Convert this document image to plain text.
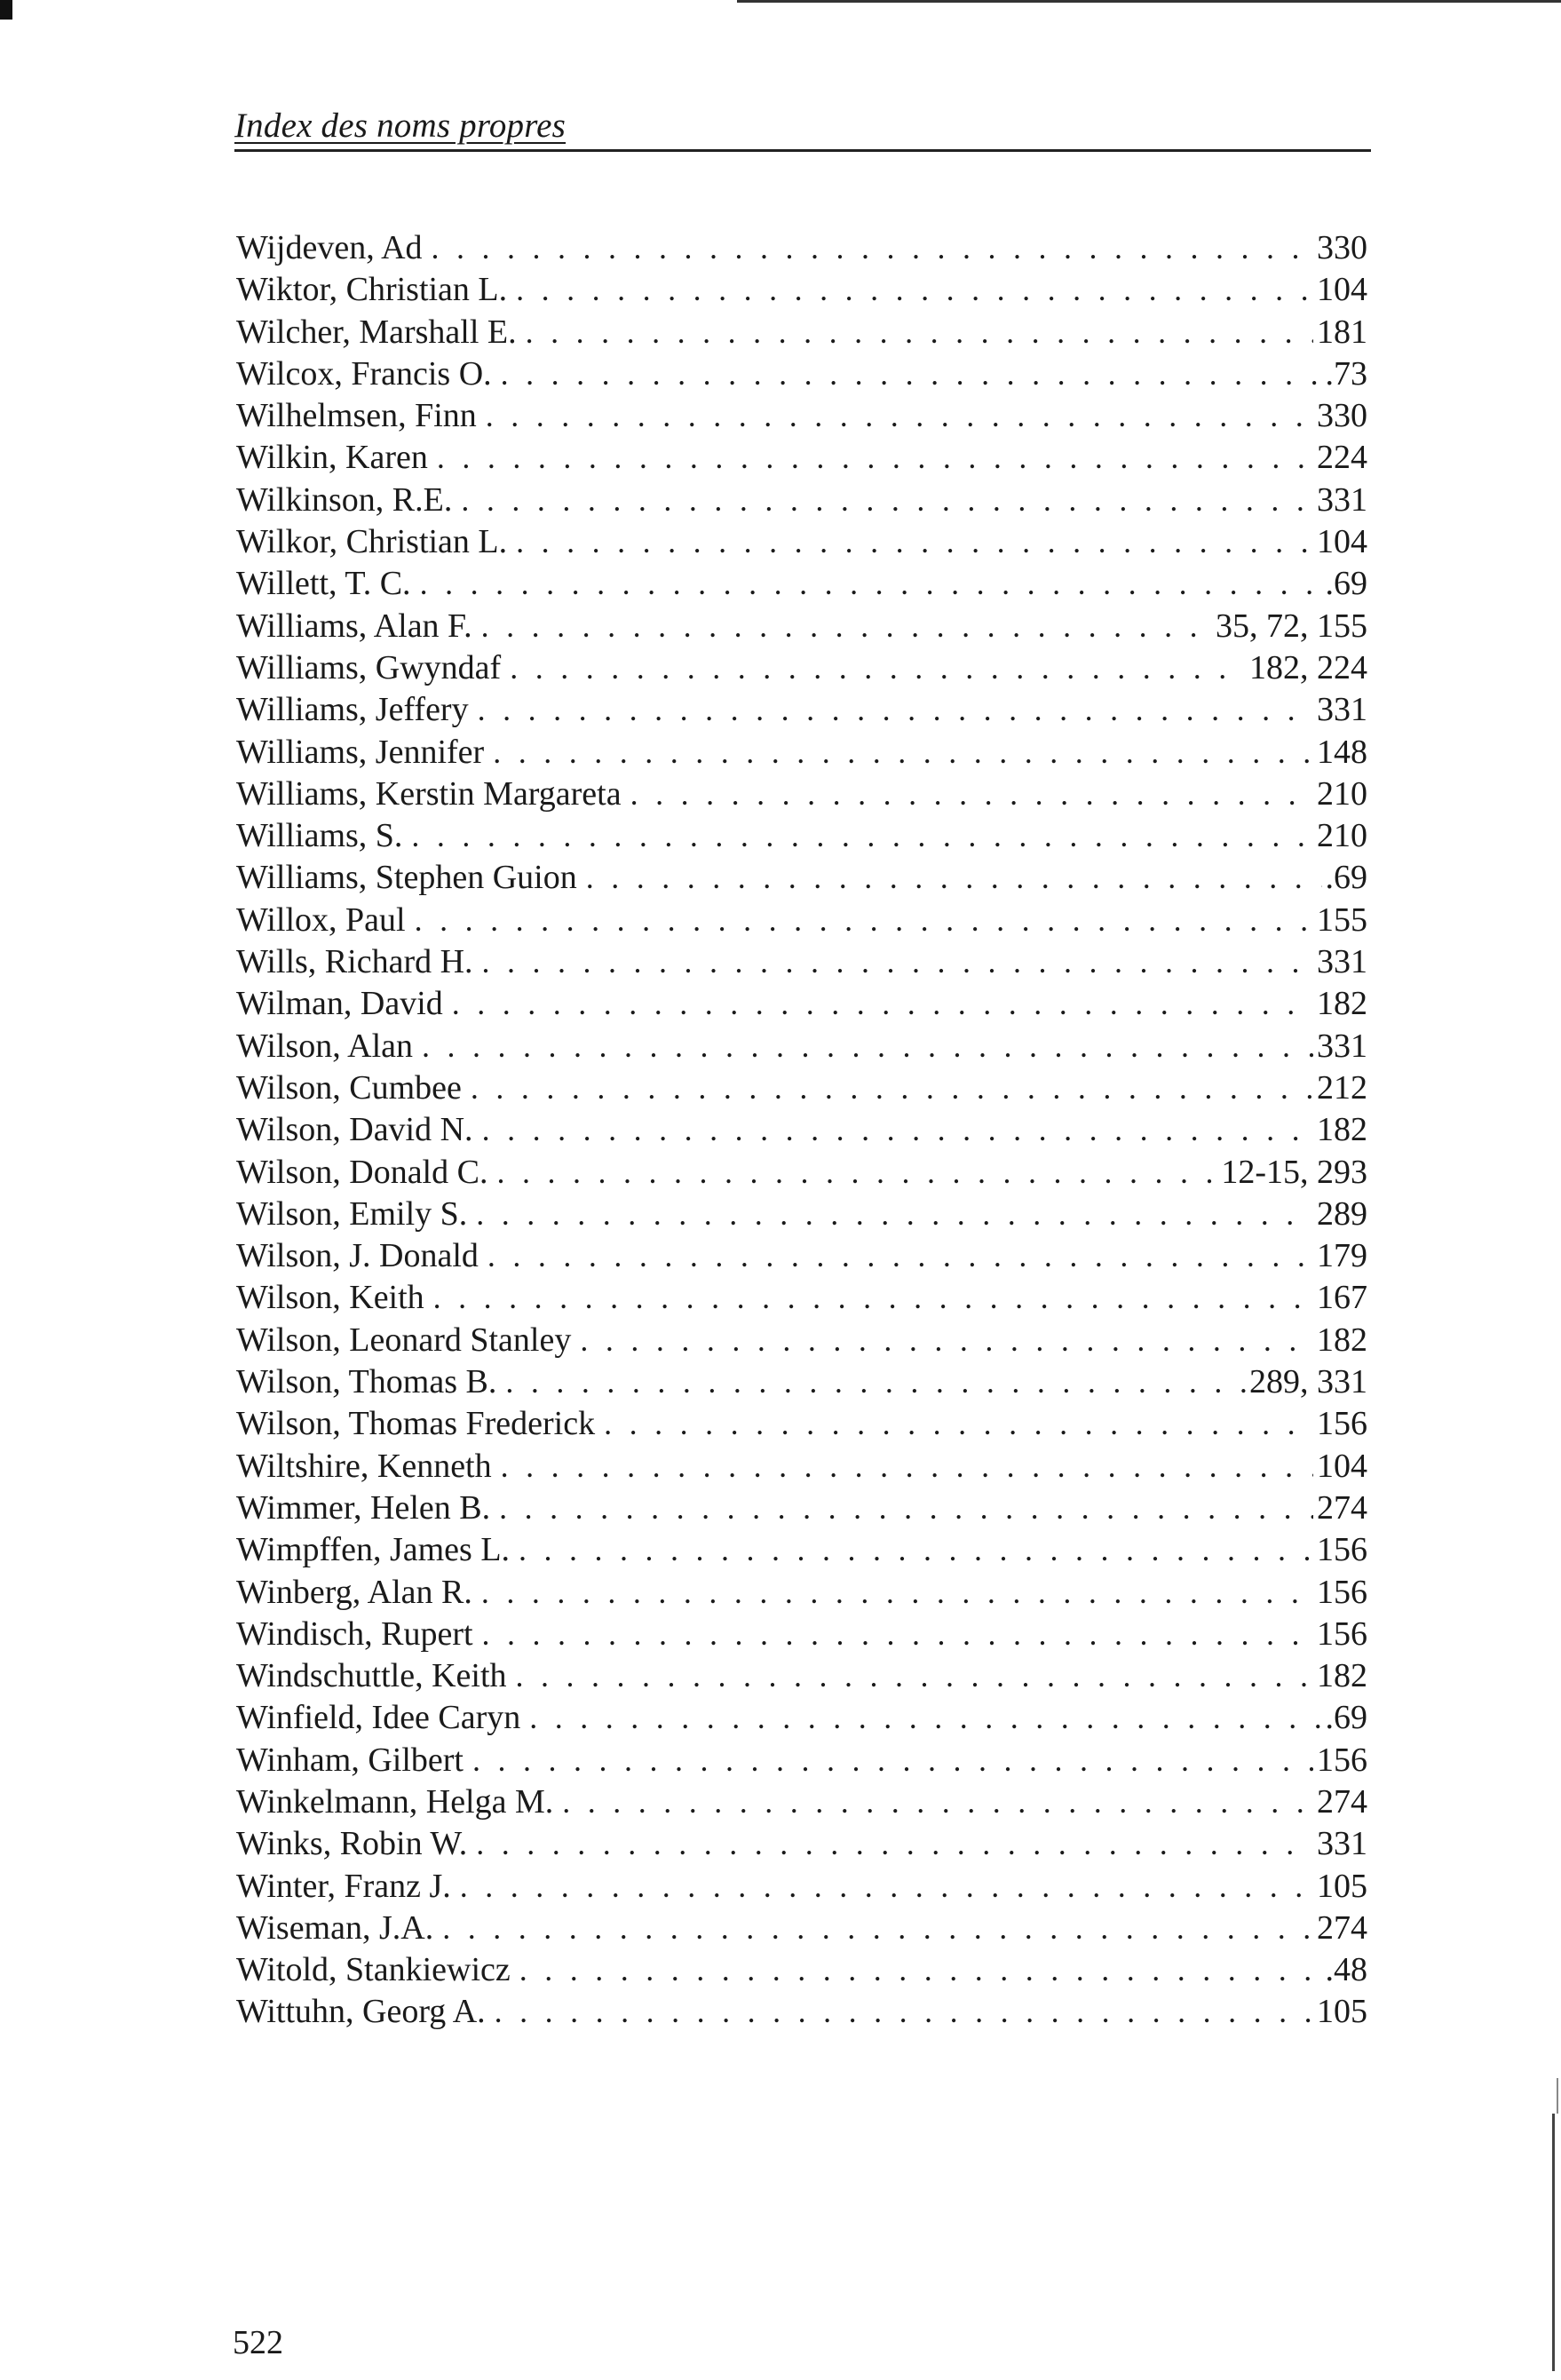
Index des noms propres
Wijdeven, Ad . . .	330
Wiktor, Christian L. . . .	104
Wilcher, Marshall E. . . .	181
Wilcox, Francis O. . . .	.73
Wilhelmsen, Finn . . .	330
Wilkin, Karen . . .	224
Wilkinson, R.E. . . .	331
Wilkor, Christian L. . . .	104
Willett, T. C. . . .	.69
Williams, Alan F. . . .	35, 72, 155
Williams, Gwyndaf . . .	182, 224
Williams, Jeffery . . .	331
Williams, Jennifer . . .	148
Williams, Kerstin Margareta . . .	210
Williams, S. . . .	210
Williams, Stephen Guion . . .	.69
Willox, Paul . . .	155
Wills, Richard H. . . .	331
Wilman, David . . .	182
Wilson, Alan . . .	331
Wilson, Cumbee . . .	212
Wilson, David N. . . .	182
Wilson, Donald C. . . .	12-15, 293
Wilson, Emily S. . . .	289
Wilson, J. Donald . . .	179
Wilson, Keith . . .	167
Wilson, Leonard Stanley . . .	182
Wilson, Thomas B. . . .	289, 331
Wilson, Thomas Frederick . . .	156
Wiltshire, Kenneth . . .	104
Wimmer, Helen B. . . .	274
Wimpffen, James L. . . .	156
Winberg, Alan R. . . .	156
Windisch, Rupert . . .	156
Windschuttle, Keith . . .	182
Winfield, Idee Caryn . . .	.69
Winham, Gilbert . . .	156
Winkelmann, Helga M. . . .	274
Winks, Robin W. . . .	331
Winter, Franz J. . . .	105
Wiseman, J.A. . . .	274
Witold, Stankiewicz . . .	.48
Wittuhn, Georg A. . . .	105
522
